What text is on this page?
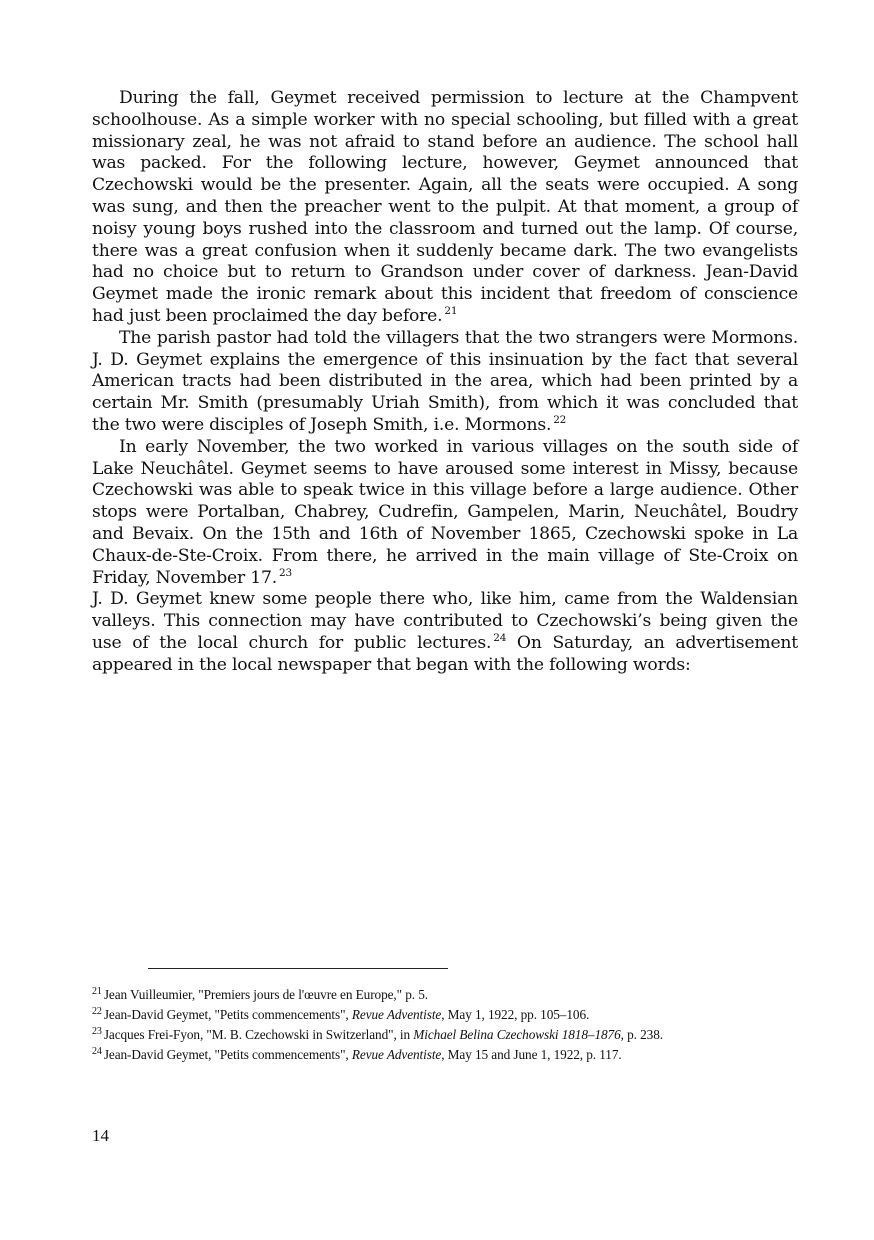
During the fall, Geymet received permission to lecture at the Champvent schoolhouse. As a simple worker with no special schooling, but filled with a great missionary zeal, he was not afraid to stand before an audience. The school hall was packed. For the following lecture, however, Geymet announced that Czechowski would be the presenter. Again, all the seats were occupied. A song was sung, and then the preacher went to the pulpit. At that moment, a group of noisy young boys rushed into the classroom and turned out the lamp. Of course, there was a great confusion when it suddenly became dark. The two evangelists had no choice but to return to Grandson under cover of darkness. Jean-David Geymet made the ironic remark about this incident that freedom of conscience had just been proclaimed the day before. $^{21}$

The parish pastor had told the villagers that the two strangers were Mormons. J. D. Geymet explains the emergence of this insinuation by the fact that several American tracts had been distributed in the area, which had been printed by a certain Mr. Smith (presumably Uriah Smith), from which it was concluded that the two were disciples of Joseph Smith, i.e. Mormons. $^{22}$

In early November, the two worked in various villages on the south side of Lake Neuchâtel. Geymet seems to have aroused some interest in Missy, because Czechowski was able to speak twice in this village before a large audience. Other stops were Portalban, Chabrey, Cudrefin, Gampelen, Marin, Neuchâtel, Boudry and Bevaix. On the 15th and 16th of November 1865, Czechowski spoke in La Chaux-de-Ste-Croix. From there, he arrived in the main village of Ste-Croix on Friday, November 17. $^{23}$

J. D. Geymet knew some people there who, like him, came from the Waldensian valleys. This connection may have contributed to Czechowski’s being given the use of the local church for public lectures. $^{24}$ On Saturday, an advertisement appeared in the local newspaper that began with the following words:

$^{21}$ Jean Vuilleumier, "Premiers jours de l'œuvre en Europe," p. 5.

$^{22}$ Jean-David Geymet, "Petits commencements", Revue Adventiste, May 1, 1922, pp. 105–106.

$^{23}$ Jacques Frei-Fyon, "M. B. Czechowski in Switzerland", in Michael Belina Czechowski 1818–1876, p. 238.

$^{24}$ Jean-David Geymet, "Petits commencements", Revue Adventiste, May 15 and June 1, 1922, p. 117.

14
